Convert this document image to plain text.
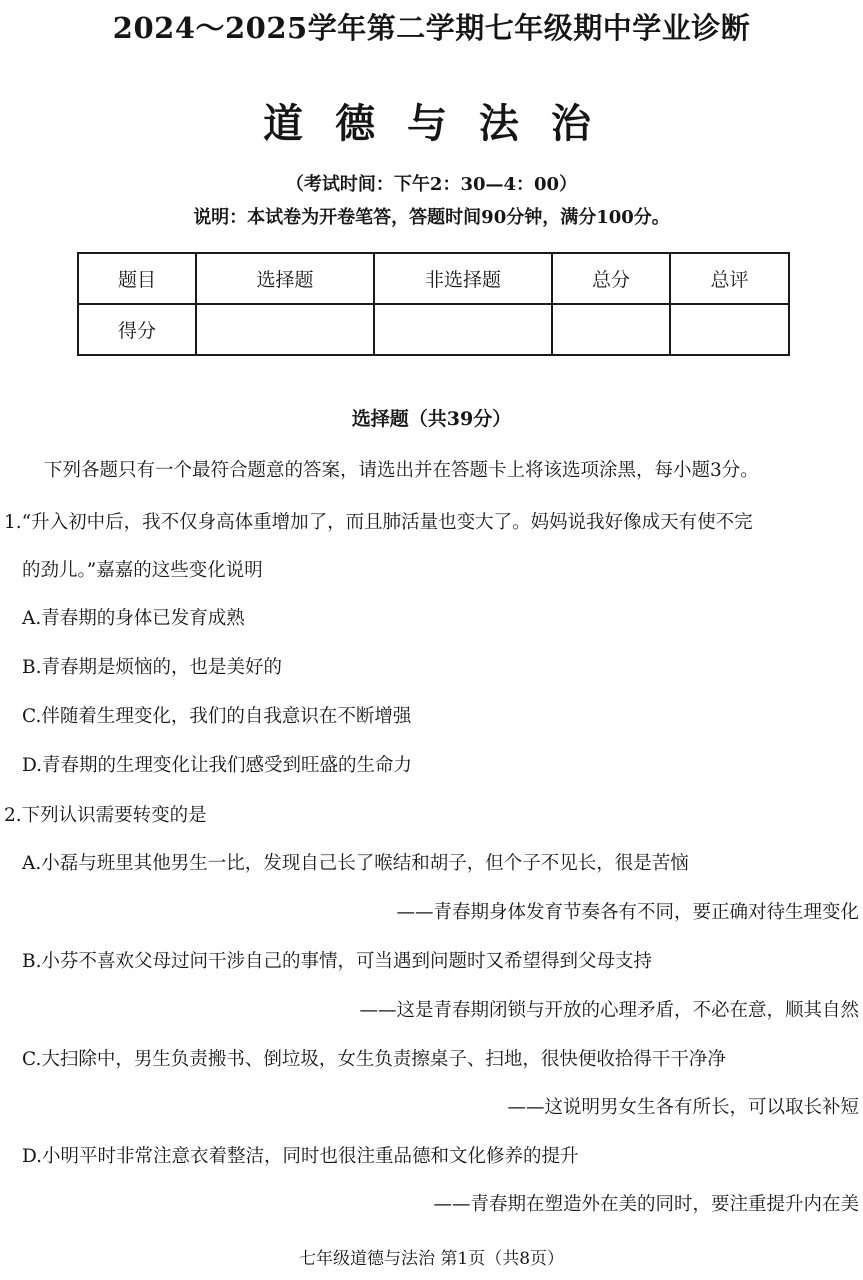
2024～2025学年第二学期七年级期中学业诊断
道 德 与 法 治
（考试时间：下午2：30—4：00）
说明：本试卷为开卷笔答，答题时间90分钟，满分100分。
题目	选择题	非选择题	总分	总评
得分				
选择题（共39分）
下列各题只有一个最符合题意的答案，请选出并在答题卡上将该选项涂黑，每小题3分。
1.“升入初中后，我不仅身高体重增加了，而且肺活量也变大了。妈妈说我好像成天有使不完
的劲儿。”嘉嘉的这些变化说明
A.青春期的身体已发育成熟
B.青春期是烦恼的，也是美好的
C.伴随着生理变化，我们的自我意识在不断增强
D.青春期的生理变化让我们感受到旺盛的生命力
2.下列认识需要转变的是
A.小磊与班里其他男生一比，发现自己长了喉结和胡子，但个子不见长，很是苦恼
——青春期身体发育节奏各有不同，要正确对待生理变化
B.小芬不喜欢父母过问干涉自己的事情，可当遇到问题时又希望得到父母支持
——这是青春期闭锁与开放的心理矛盾，不必在意，顺其自然
C.大扫除中，男生负责搬书、倒垃圾，女生负责擦桌子、扫地，很快便收拾得干干净净
——这说明男女生各有所长，可以取长补短
D.小明平时非常注意衣着整洁，同时也很注重品德和文化修养的提升
——青春期在塑造外在美的同时，要注重提升内在美
七年级道德与法治 第1页（共8页）
